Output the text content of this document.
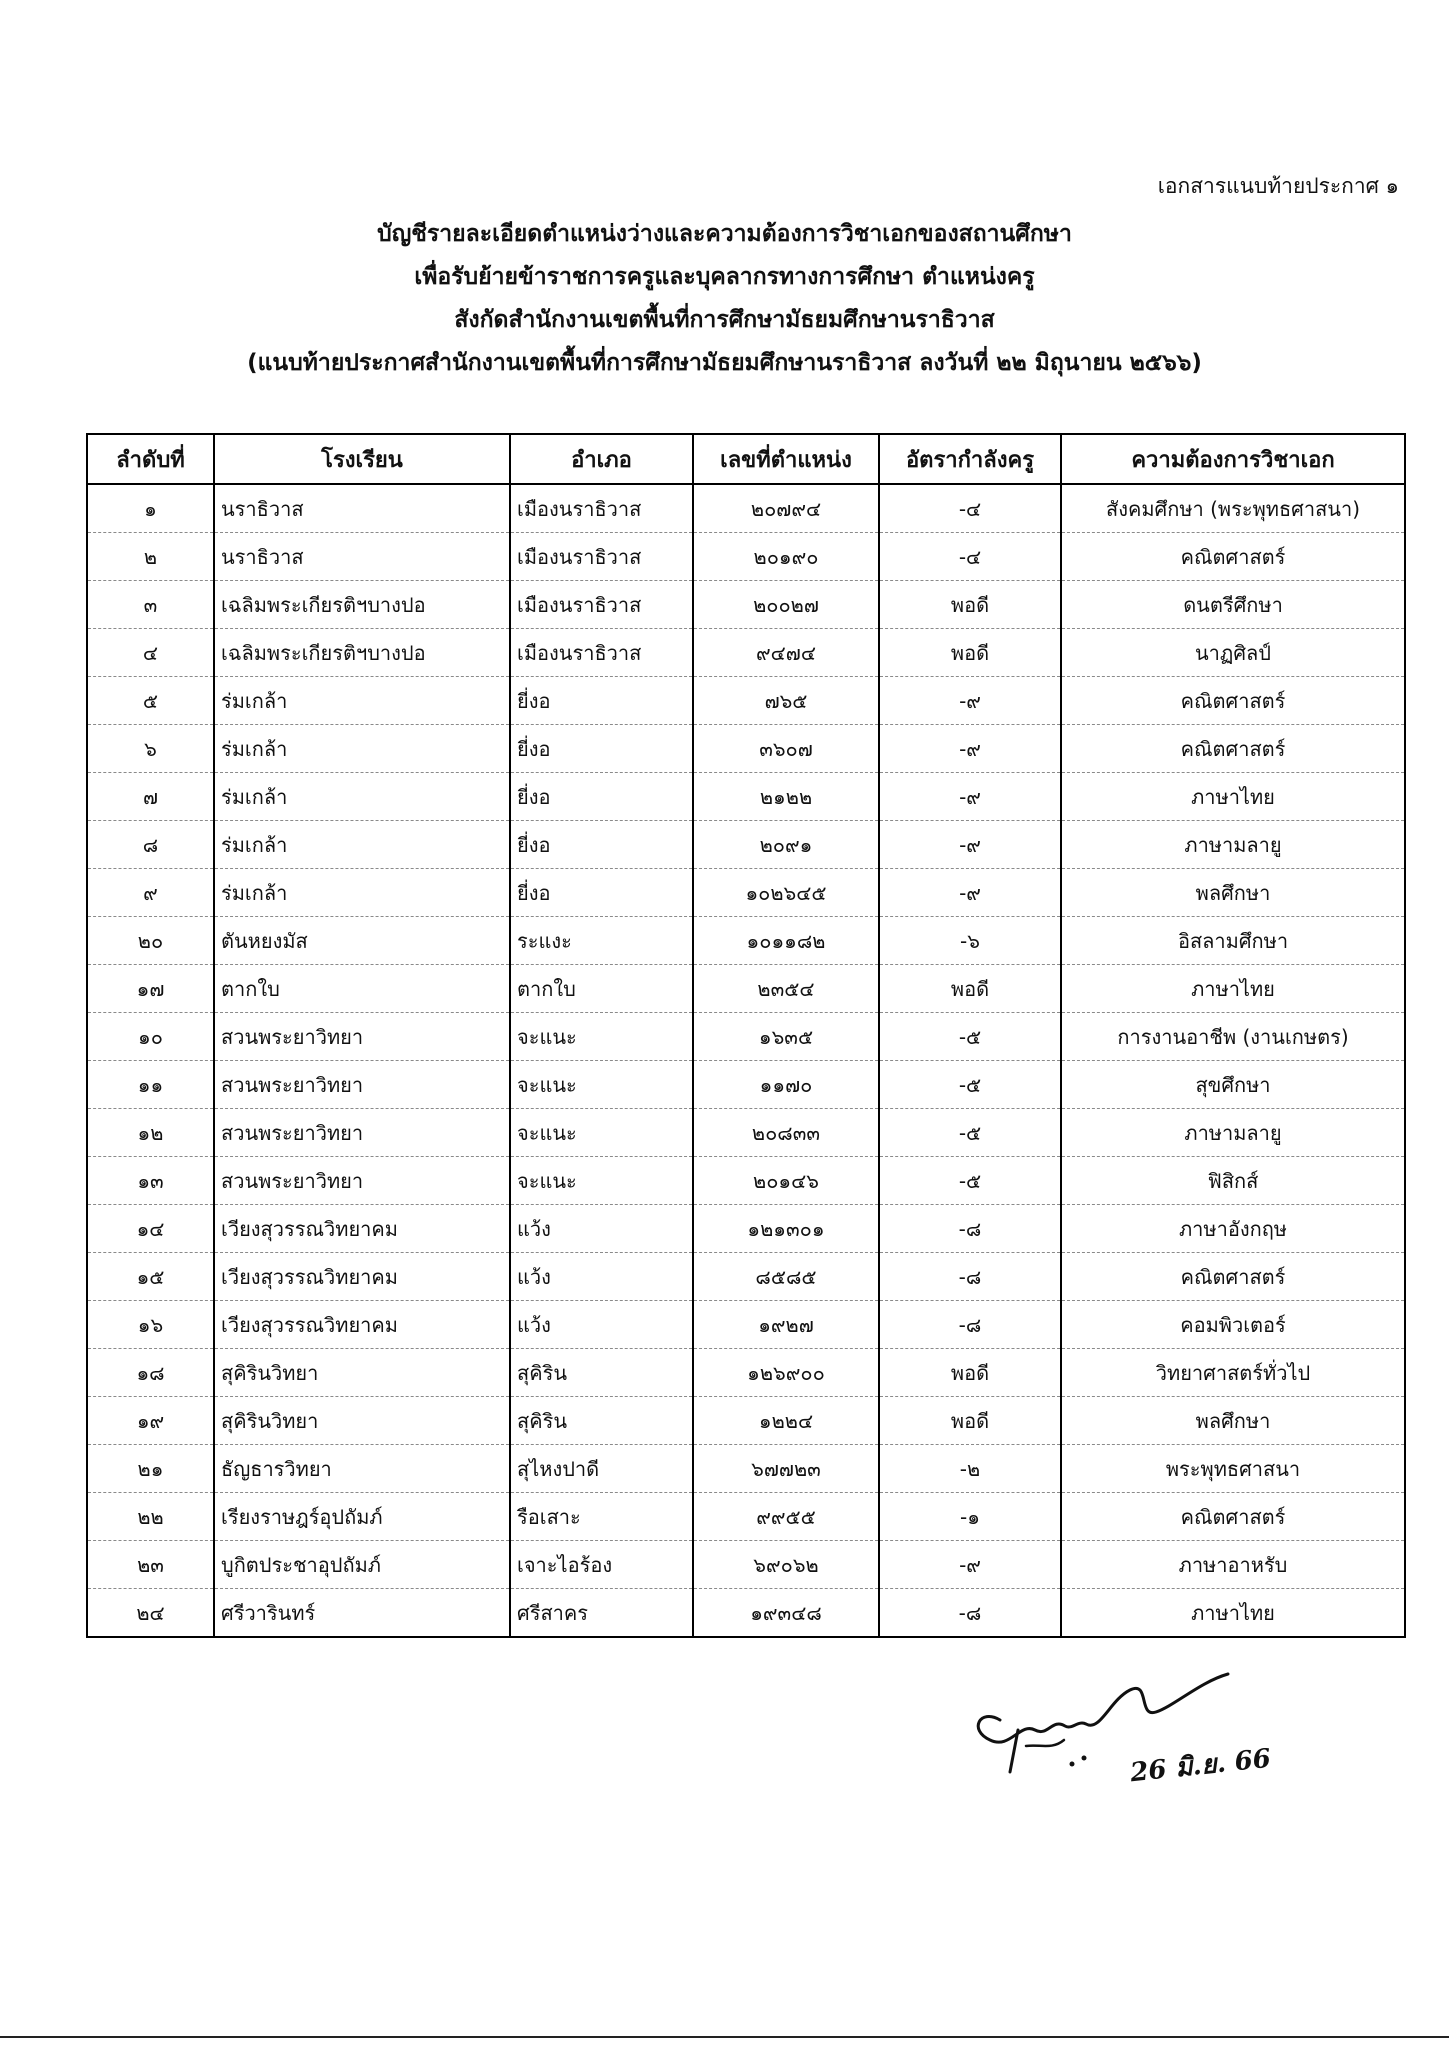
เอกสารแนบท้ายประกาศ ๑
บัญชีรายละเอียดตำแหน่งว่างและความต้องการวิชาเอกของสถานศึกษา
เพื่อรับย้ายข้าราชการครูและบุคลากรทางการศึกษา ตำแหน่งครู
สังกัดสำนักงานเขตพื้นที่การศึกษามัธยมศึกษานราธิวาส
(แนบท้ายประกาศสำนักงานเขตพื้นที่การศึกษามัธยมศึกษานราธิวาส ลงวันที่ ๒๒ มิถุนายน ๒๕๖๖)
ลำดับที่	โรงเรียน	อำเภอ	เลขที่ตำแหน่ง	อัตรากำลังครู	ความต้องการวิชาเอก
๑	นราธิวาส	เมืองนราธิวาส	๒๐๗๙๔	-๔	สังคมศึกษา (พระพุทธศาสนา)
๒	นราธิวาส	เมืองนราธิวาส	๒๐๑๙๐	-๔	คณิตศาสตร์
๓	เฉลิมพระเกียรติฯบางปอ	เมืองนราธิวาส	๒๐๐๒๗	พอดี	ดนตรีศึกษา
๔	เฉลิมพระเกียรติฯบางปอ	เมืองนราธิวาส	๙๔๗๔	พอดี	นาฏศิลป์
๕	ร่มเกล้า	ยี่งอ	๗๖๕	-๙	คณิตศาสตร์
๖	ร่มเกล้า	ยี่งอ	๓๖๐๗	-๙	คณิตศาสตร์
๗	ร่มเกล้า	ยี่งอ	๒๑๒๒	-๙	ภาษาไทย
๘	ร่มเกล้า	ยี่งอ	๒๐๙๑	-๙	ภาษามลายู
๙	ร่มเกล้า	ยี่งอ	๑๐๒๖๔๕	-๙	พลศึกษา
๒๐	ตันหยงมัส	ระแงะ	๑๐๑๑๘๒	-๖	อิสลามศึกษา
๑๗	ตากใบ	ตากใบ	๒๓๕๔	พอดี	ภาษาไทย
๑๐	สวนพระยาวิทยา	จะแนะ	๑๖๓๕	-๕	การงานอาชีพ (งานเกษตร)
๑๑	สวนพระยาวิทยา	จะแนะ	๑๑๗๐	-๕	สุขศึกษา
๑๒	สวนพระยาวิทยา	จะแนะ	๒๐๘๓๓	-๕	ภาษามลายู
๑๓	สวนพระยาวิทยา	จะแนะ	๒๐๑๔๖	-๕	ฟิสิกส์
๑๔	เวียงสุวรรณวิทยาคม	แว้ง	๑๒๑๓๐๑	-๘	ภาษาอังกฤษ
๑๕	เวียงสุวรรณวิทยาคม	แว้ง	๘๕๘๕	-๘	คณิตศาสตร์
๑๖	เวียงสุวรรณวิทยาคม	แว้ง	๑๙๒๗	-๘	คอมพิวเตอร์
๑๘	สุคิรินวิทยา	สุคิริน	๑๒๖๙๐๐	พอดี	วิทยาศาสตร์ทั่วไป
๑๙	สุคิรินวิทยา	สุคิริน	๑๒๒๔	พอดี	พลศึกษา
๒๑	ธัญธารวิทยา	สุไหงปาดี	๖๗๗๒๓	-๒	พระพุทธศาสนา
๒๒	เรียงราษฎร์อุปถัมภ์	รือเสาะ	๙๙๕๕	-๑	คณิตศาสตร์
๒๓	บูกิตประชาอุปถัมภ์	เจาะไอร้อง	๖๙๐๖๒	-๙	ภาษาอาหรับ
๒๔	ศรีวารินทร์	ศรีสาคร	๑๙๓๔๘	-๘	ภาษาไทย
26 มิ.ย. 66
